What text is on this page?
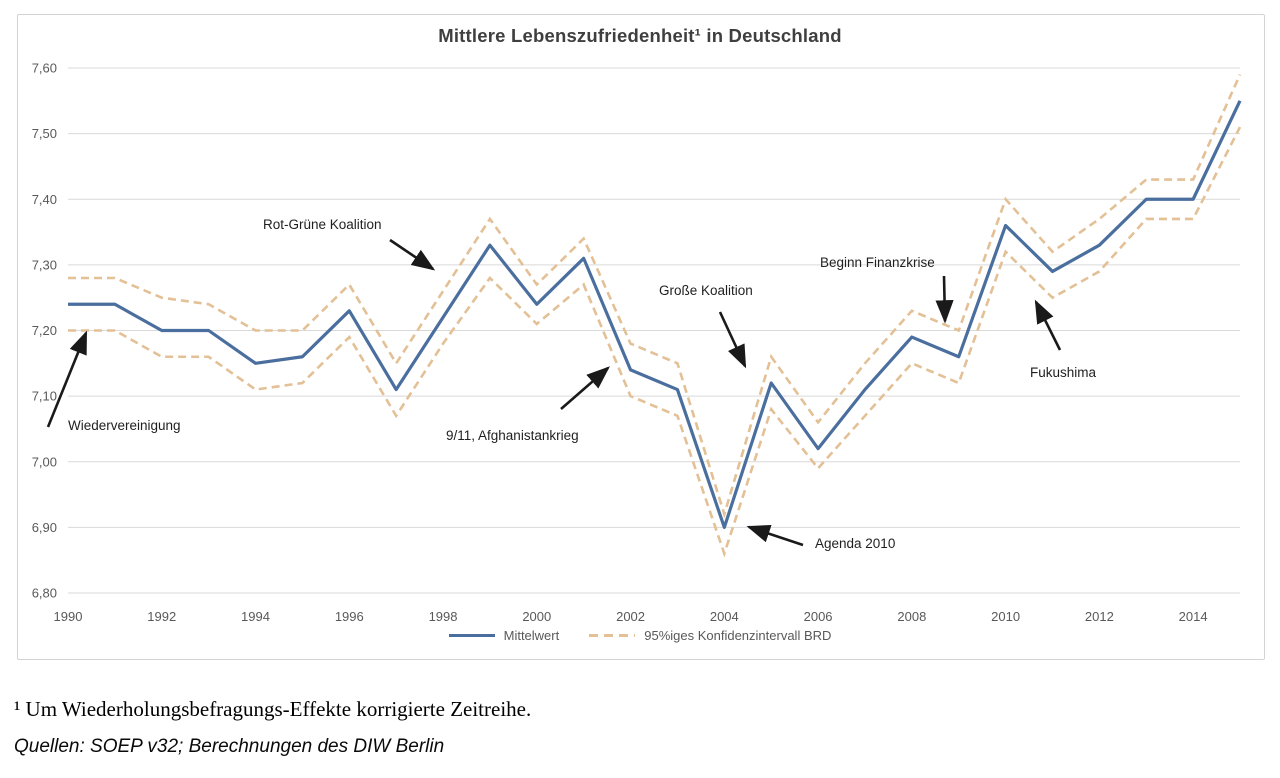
Mittlere Lebenszufriedenheit¹ in Deutschland
7,60
7,50
7,40
7,30
7,20
7,10
7,00
6,90
6,80
1990	1992	1994	1996	1998	2000	2002	2004	2006	2008	2010	2012	2014
Wiedervereinigung
Rot-Grüne Koalition
9/11, Afghanistankrieg
Große Koalition
Agenda 2010
Beginn Finanzkrise
Fukushima
Mittelwert	95%iges Konfidenzintervall BRD
¹ Um Wiederholungsbefragungs-Effekte korrigierte Zeitreihe.
Quellen: SOEP v32; Berechnungen des DIW Berlin
